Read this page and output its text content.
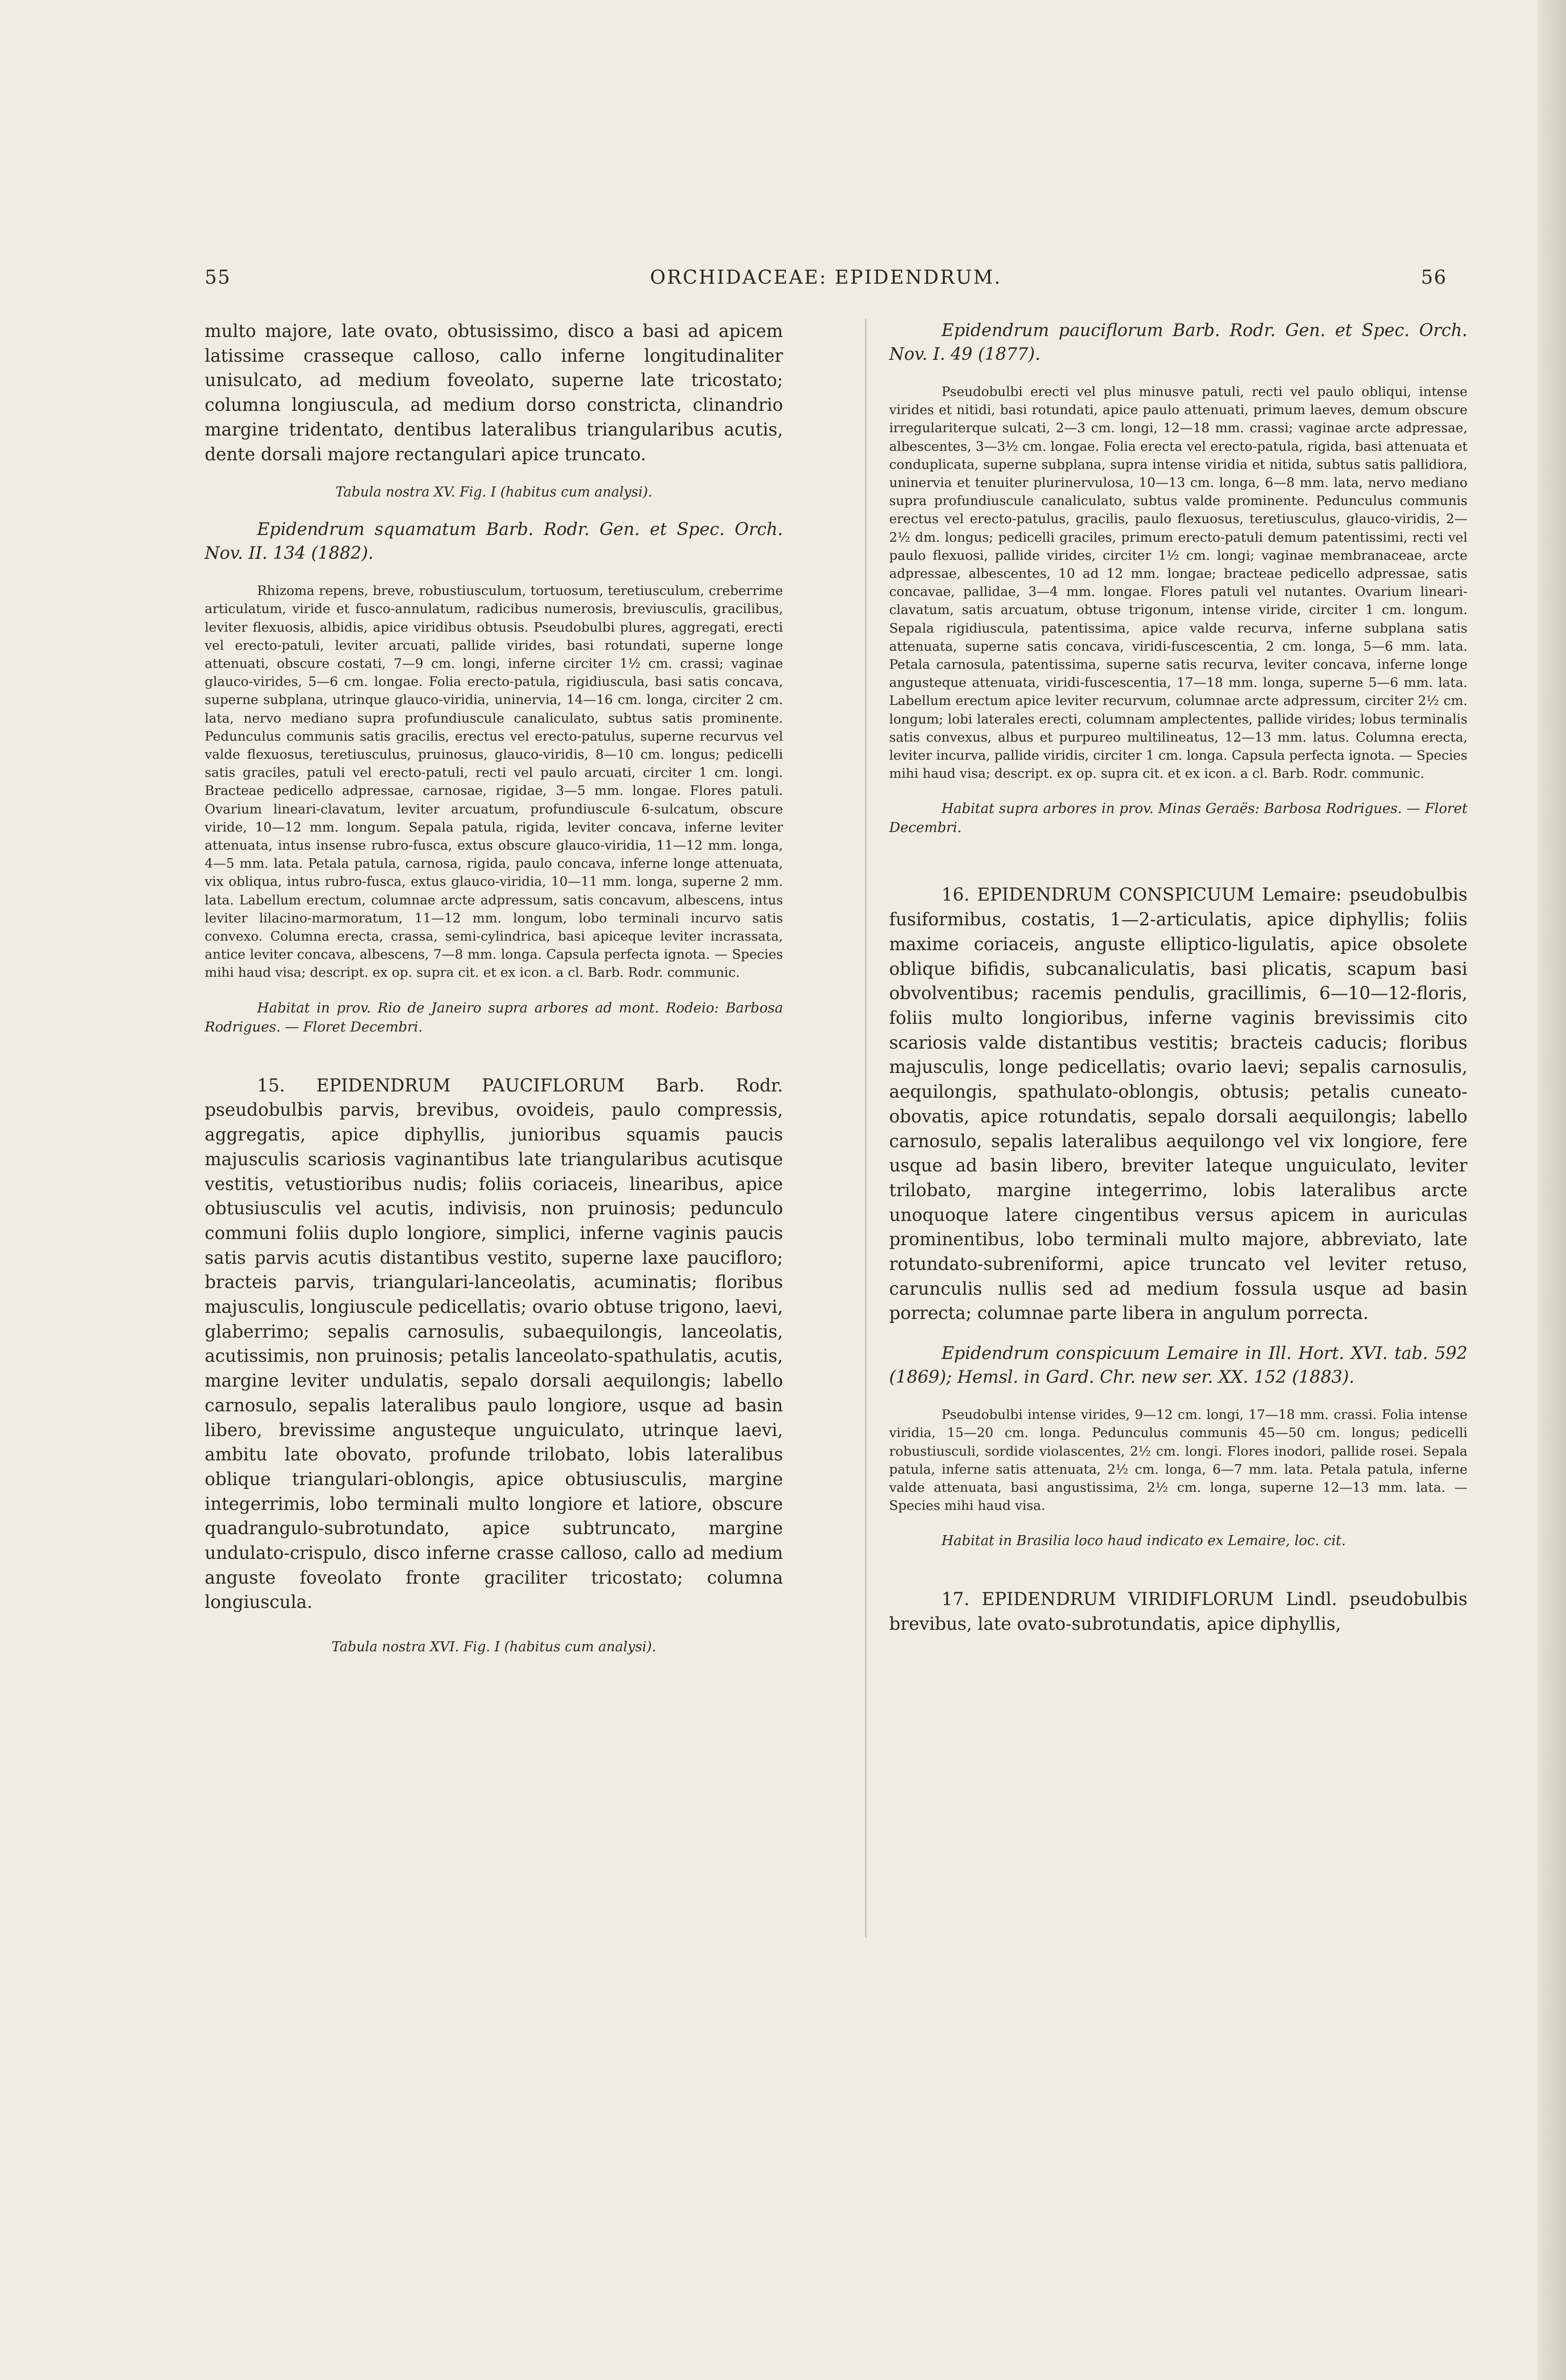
55	ORCHIDACEAE: EPIDENDRUM.	56

multo majore, late ovato, obtusissimo, disco a basi ad apicem latissime crasseque calloso, callo inferne longitudinaliter unisulcato, ad medium foveolato, superne late tricostato; columna longiuscula, ad medium dorso constricta, clinandrio margine tridentato, dentibus lateralibus triangularibus acutis, dente dorsali majore rectangulari apice truncato.

Tabula nostra XV. Fig. I (habitus cum analysi).

Epidendrum squamatum Barb. Rodr. Gen. et Spec. Orch. Nov. II. 134 (1882).

Rhizoma repens, breve, robustiusculum, tortuosum, teretiusculum, creberrime articulatum, viride et fusco-annulatum, radicibus numerosis, breviusculis, gracilibus, leviter flexuosis, albidis, apice viridibus obtusis. Pseudobulbi plures, aggregati, erecti vel erecto-patuli, leviter arcuati, pallide virides, basi rotundati, superne longe attenuati, obscure costati, 7—9 cm. longi, inferne circiter 1½ cm. crassi; vaginae glauco-virides, 5—6 cm. longae. Folia erecto-patula, rigidiuscula, basi satis concava, superne subplana, utrinque glauco-viridia, uninervia, 14—16 cm. longa, circiter 2 cm. lata, nervo mediano supra profundiuscule canaliculato, subtus satis prominente. Pedunculus communis satis gracilis, erectus vel erecto-patulus, superne recurvus vel valde flexuosus, teretiusculus, pruinosus, glauco-viridis, 8—10 cm. longus; pedicelli satis graciles, patuli vel erecto-patuli, recti vel paulo arcuati, circiter 1 cm. longi. Bracteae pedicello adpressae, carnosae, rigidae, 3—5 mm. longae. Flores patuli. Ovarium lineari-clavatum, leviter arcuatum, profundiuscule 6-sulcatum, obscure viride, 10—12 mm. longum. Sepala patula, rigida, leviter concava, inferne leviter attenuata, intus insense rubro-fusca, extus obscure glauco-viridia, 11—12 mm. longa, 4—5 mm. lata. Petala patula, carnosa, rigida, paulo concava, inferne longe attenuata, vix obliqua, intus rubro-fusca, extus glauco-viridia, 10—11 mm. longa, superne 2 mm. lata. Labellum erectum, columnae arcte adpressum, satis concavum, albescens, intus leviter lilacino-marmoratum, 11—12 mm. longum, lobo terminali incurvo satis convexo. Columna erecta, crassa, semi-cylindrica, basi apiceque leviter incrassata, antice leviter concava, albescens, 7—8 mm. longa. Capsula perfecta ignota. — Species mihi haud visa; descript. ex op. supra cit. et ex icon. a cl. Barb. Rodr. communic.

Habitat in prov. Rio de Janeiro supra arbores ad mont. Rodeio: Barbosa Rodrigues. — Floret Decembri.

15. EPIDENDRUM PAUCIFLORUM Barb. Rodr. pseudobulbis parvis, brevibus, ovoideis, paulo compressis, aggregatis, apice diphyllis, junioribus squamis paucis majusculis scariosis vaginantibus late triangularibus acutisque vestitis, vetustioribus nudis; foliis coriaceis, linearibus, apice obtusiusculis vel acutis, indivisis, non pruinosis; pedunculo communi foliis duplo longiore, simplici, inferne vaginis paucis satis parvis acutis distantibus vestito, superne laxe paucifloro; bracteis parvis, triangulari-lanceolatis, acuminatis; floribus majusculis, longiuscule pedicellatis; ovario obtuse trigono, laevi, glaberrimo; sepalis carnosulis, subaequilongis, lanceolatis, acutissimis, non pruinosis; petalis lanceolato-spathulatis, acutis, margine leviter undulatis, sepalo dorsali aequilongis; labello carnosulo, sepalis lateralibus paulo longiore, usque ad basin libero, brevissime angusteque unguiculato, utrinque laevi, ambitu late obovato, profunde trilobato, lobis lateralibus oblique triangulari-oblongis, apice obtusiusculis, margine integerrimis, lobo terminali multo longiore et latiore, obscure quadrangulo-subrotundato, apice subtruncato, margine undulato-crispulo, disco inferne crasse calloso, callo ad medium anguste foveolato fronte graciliter tricostato; columna longiuscula.

Tabula nostra XVI. Fig. I (habitus cum analysi).

Epidendrum pauciflorum Barb. Rodr. Gen. et Spec. Orch. Nov. I. 49 (1877).

Pseudobulbi erecti vel plus minusve patuli, recti vel paulo obliqui, intense virides et nitidi, basi rotundati, apice paulo attenuati, primum laeves, demum obscure irregulariterque sulcati, 2—3 cm. longi, 12—18 mm. crassi; vaginae arcte adpressae, albescentes, 3—3½ cm. longae. Folia erecta vel erecto-patula, rigida, basi attenuata et conduplicata, superne subplana, supra intense viridia et nitida, subtus satis pallidiora, uninervia et tenuiter plurinervulosa, 10—13 cm. longa, 6—8 mm. lata, nervo mediano supra profundiuscule canaliculato, subtus valde prominente. Pedunculus communis erectus vel erecto-patulus, gracilis, paulo flexuosus, teretiusculus, glauco-viridis, 2—2½ dm. longus; pedicelli graciles, primum erecto-patuli demum patentissimi, recti vel paulo flexuosi, pallide virides, circiter 1½ cm. longi; vaginae membranaceae, arcte adpressae, albescentes, 10 ad 12 mm. longae; bracteae pedicello adpressae, satis concavae, pallidae, 3—4 mm. longae. Flores patuli vel nutantes. Ovarium lineari-clavatum, satis arcuatum, obtuse trigonum, intense viride, circiter 1 cm. longum. Sepala rigidiuscula, patentissima, apice valde recurva, inferne subplana satis attenuata, superne satis concava, viridi-fuscescentia, 2 cm. longa, 5—6 mm. lata. Petala carnosula, patentissima, superne satis recurva, leviter concava, inferne longe angusteque attenuata, viridi-fuscescentia, 17—18 mm. longa, superne 5—6 mm. lata. Labellum erectum apice leviter recurvum, columnae arcte adpressum, circiter 2½ cm. longum; lobi laterales erecti, columnam amplectentes, pallide virides; lobus terminalis satis convexus, albus et purpureo multilineatus, 12—13 mm. latus. Columna erecta, leviter incurva, pallide viridis, circiter 1 cm. longa. Capsula perfecta ignota. — Species mihi haud visa; descript. ex op. supra cit. et ex icon. a cl. Barb. Rodr. communic.

Habitat supra arbores in prov. Minas Geraës: Barbosa Rodrigues. — Floret Decembri.

16. EPIDENDRUM CONSPICUUM Lemaire: pseudobulbis fusiformibus, costatis, 1—2-articulatis, apice diphyllis; foliis maxime coriaceis, anguste elliptico-ligulatis, apice obsolete oblique bifidis, subcanaliculatis, basi plicatis, scapum basi obvolventibus; racemis pendulis, gracillimis, 6—10—12-floris, foliis multo longioribus, inferne vaginis brevissimis cito scariosis valde distantibus vestitis; bracteis caducis; floribus majusculis, longe pedicellatis; ovario laevi; sepalis carnosulis, aequilongis, spathulato-oblongis, obtusis; petalis cuneato-obovatis, apice rotundatis, sepalo dorsali aequilongis; labello carnosulo, sepalis lateralibus aequilongo vel vix longiore, fere usque ad basin libero, breviter lateque unguiculato, leviter trilobato, margine integerrimo, lobis lateralibus arcte unoquoque latere cingentibus versus apicem in auriculas prominentibus, lobo terminali multo majore, abbreviato, late rotundato-subreniformi, apice truncato vel leviter retuso, carunculis nullis sed ad medium fossula usque ad basin porrecta; columnae parte libera in angulum porrecta.

Epidendrum conspicuum Lemaire in Ill. Hort. XVI. tab. 592 (1869); Hemsl. in Gard. Chr. new ser. XX. 152 (1883).

Pseudobulbi intense virides, 9—12 cm. longi, 17—18 mm. crassi. Folia intense viridia, 15—20 cm. longa. Pedunculus communis 45—50 cm. longus; pedicelli robustiusculi, sordide violascentes, 2½ cm. longi. Flores inodori, pallide rosei. Sepala patula, inferne satis attenuata, 2½ cm. longa, 6—7 mm. lata. Petala patula, inferne valde attenuata, basi angustissima, 2½ cm. longa, superne 12—13 mm. lata. — Species mihi haud visa.

Habitat in Brasilia loco haud indicato ex Lemaire, loc. cit.

17. EPIDENDRUM VIRIDIFLORUM Lindl. pseudobulbis brevibus, late ovato-subrotundatis, apice diphyllis,
